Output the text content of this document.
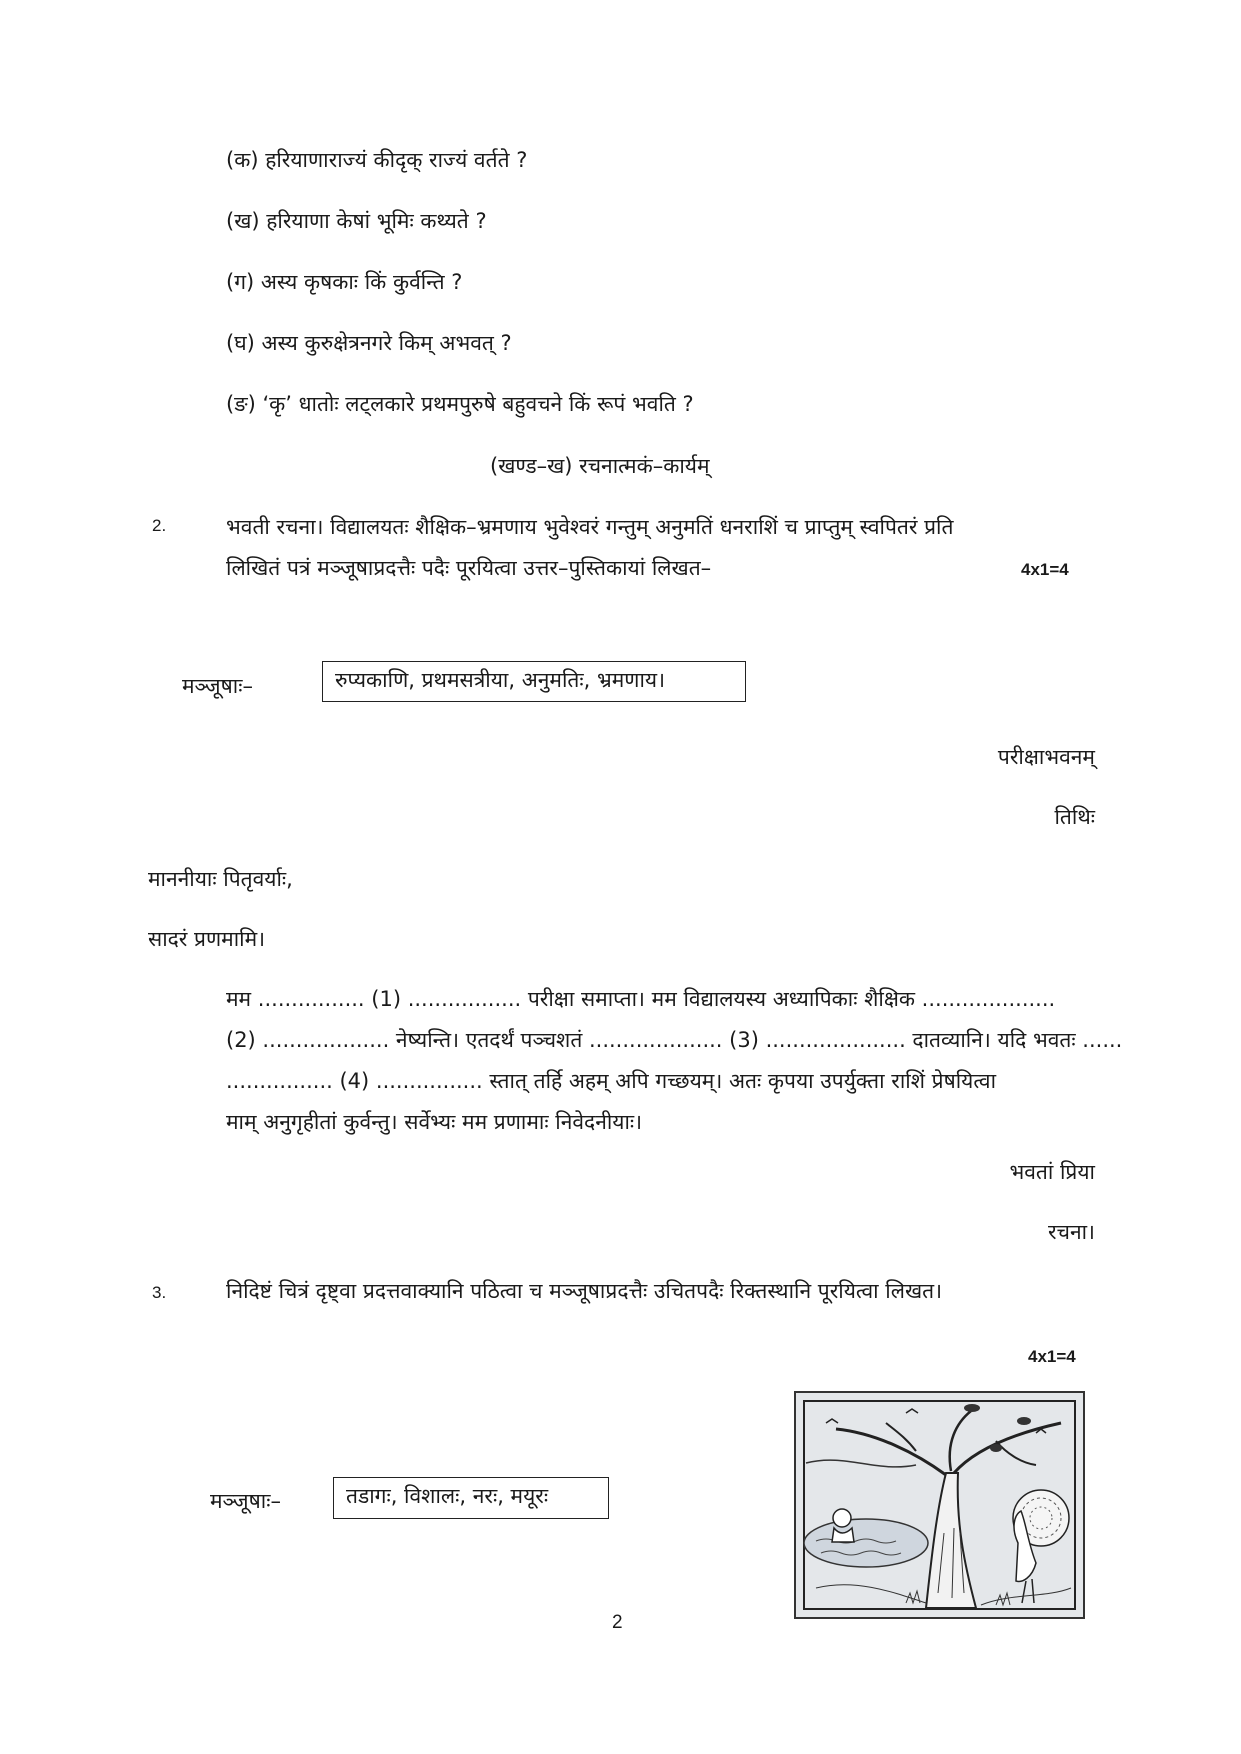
(क) हरियाणाराज्यं कीदृक् राज्यं वर्तते ?
(ख) हरियाणा केषां भूमिः कथ्यते ?
(ग) अस्य कृषकाः किं कुर्वन्ति ?
(घ) अस्य कुरुक्षेत्रनगरे किम् अभवत् ?
(ङ) ‘कृ’ धातोः लट्लकारे प्रथमपुरुषे बहुवचने किं रूपं भवति ?
(खण्ड–ख) रचनात्मकं–कार्यम्
2.	भवती रचना। विद्यालयतः शैक्षिक–भ्रमणाय भुवेश्वरं गन्तुम् अनुमतिं धनराशिं च प्राप्तुम् स्वपितरं प्रति
लिखितं पत्रं मञ्जूषाप्रदत्तैः पदैः पूरयित्वा उत्तर–पुस्तिकायां लिखत–	4x1=4
मञ्जूषाः–	रुप्यकाणि, प्रथमसत्रीया, अनुमतिः, भ्रमणाय।
परीक्षाभवनम्
तिथिः
माननीयाः पितृवर्याः,
सादरं प्रणमामि।
मम ................ (1) ................. परीक्षा समाप्ता। मम विद्यालयस्य अध्यापिकाः शैक्षिक ....................
(2) ................... नेष्यन्ति। एतदर्थं पञ्चशतं .................... (3) ..................... दातव्यानि। यदि भवतः ......
................ (4) ................ स्तात् तर्हि अहम् अपि गच्छयम्। अतः कृपया उपर्युक्ता राशिं प्रेषयित्वा
माम् अनुगृहीतां कुर्वन्तु। सर्वेभ्यः मम प्रणामाः निवेदनीयाः।
भवतां प्रिया
रचना।
3.	निदिष्टं चित्रं दृष्ट्वा प्रदत्तवाक्यानि पठित्वा च मञ्जूषाप्रदत्तैः उचितपदैः रिक्तस्थानि पूरयित्वा लिखत।
4x1=4
मञ्जूषाः–	तडागः, विशालः, नरः, मयूरः
2
